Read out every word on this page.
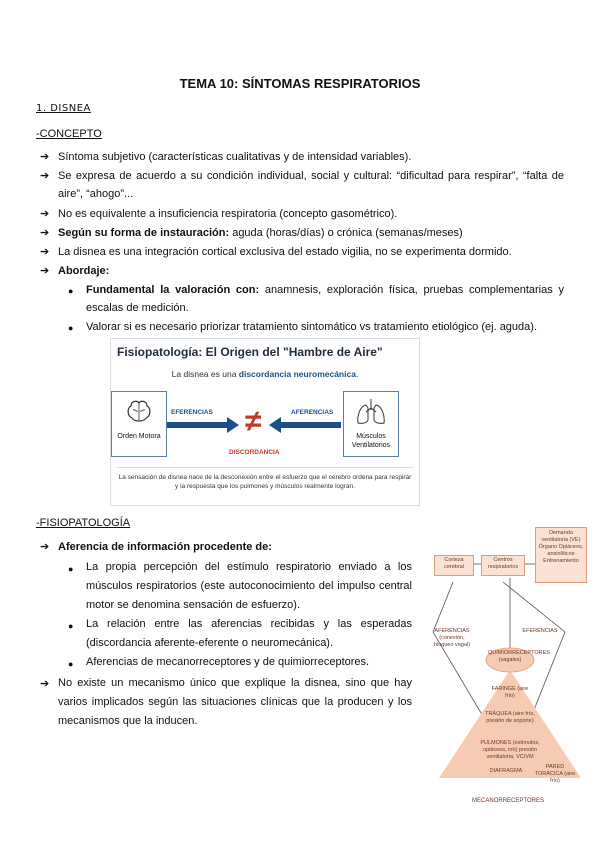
TEMA 10: SÍNTOMAS RESPIRATORIOS
1. DISNEA
-CONCEPTO
➔ Síntoma subjetivo (características cualitativas y de intensidad variables).
➔ Se expresa de acuerdo a su condición individual, social y cultural: “dificultad para respirar”, “falta de
aire”, “ahogo”...
➔ No es equivalente a insuficiencia respiratoria (concepto gasométrico).
➔ Según su forma de instauración: aguda (horas/días) o crónica (semanas/meses)
➔ La disnea es una integración cortical exclusiva del estado vigilia, no se experimenta dormido.
➔ Abordaje:
● Fundamental la valoración con: anamnesis, exploración física, pruebas complementarias y
escalas de medición.
● Valorar si es necesario priorizar tratamiento sintomático vs tratamiento etiológico (ej. aguda).
Fisiopatología: El Origen del "Hambre de Aire"
La disnea es una discordancia neuromecánica.
Orden Motora	Músculos Ventilatorios
EFERENCIAS	AFERENCIAS
≠
DISCORDANCIA
La sensación de disnea nace de la desconexión entre el esfuerzo que el cerebro ordena para respirar y la respuesta que los pulmones y músculos realmente logran.
-FISIOPATOLOGÍA
➔ Aferencia de información procedente de:
● La propia percepción del estímulo respiratorio enviado a los
músculos respiratorios (este autoconocimiento del impulso central
motor se denomina sensación de esfuerzo).
● La relación entre las aferencias recibidas y las esperadas
(discordancia aferente-eferente o neuromecánica).
● Aferencias de mecanorreceptores y de quimiorreceptores.
➔ No existe un mecanismo único que explique la disnea, sino que hay
varios implicados según las situaciones clínicas que la producen y los
mecanismos que la inducen.
Corteza cerebral
Centros respiratorios
Demanda ventilatoria (VE) Órgano Opiáceos, ansiolíticos Entrenamiento
AFERENCIAS (conexión, bloqueo vagal)
EFERENCIAS
QUIMIORRECEPTORES (vagales)
FARINGE (aire frío)
TRÁQUEA (aire frío, presión de soporte)
PULMONES (estímulos, opiáceos, inh) presión ventilatoria, VC/VM
DIAFRAGMA
PARED TORÁCICA (aire frío)
MECANORRECEPTORES
